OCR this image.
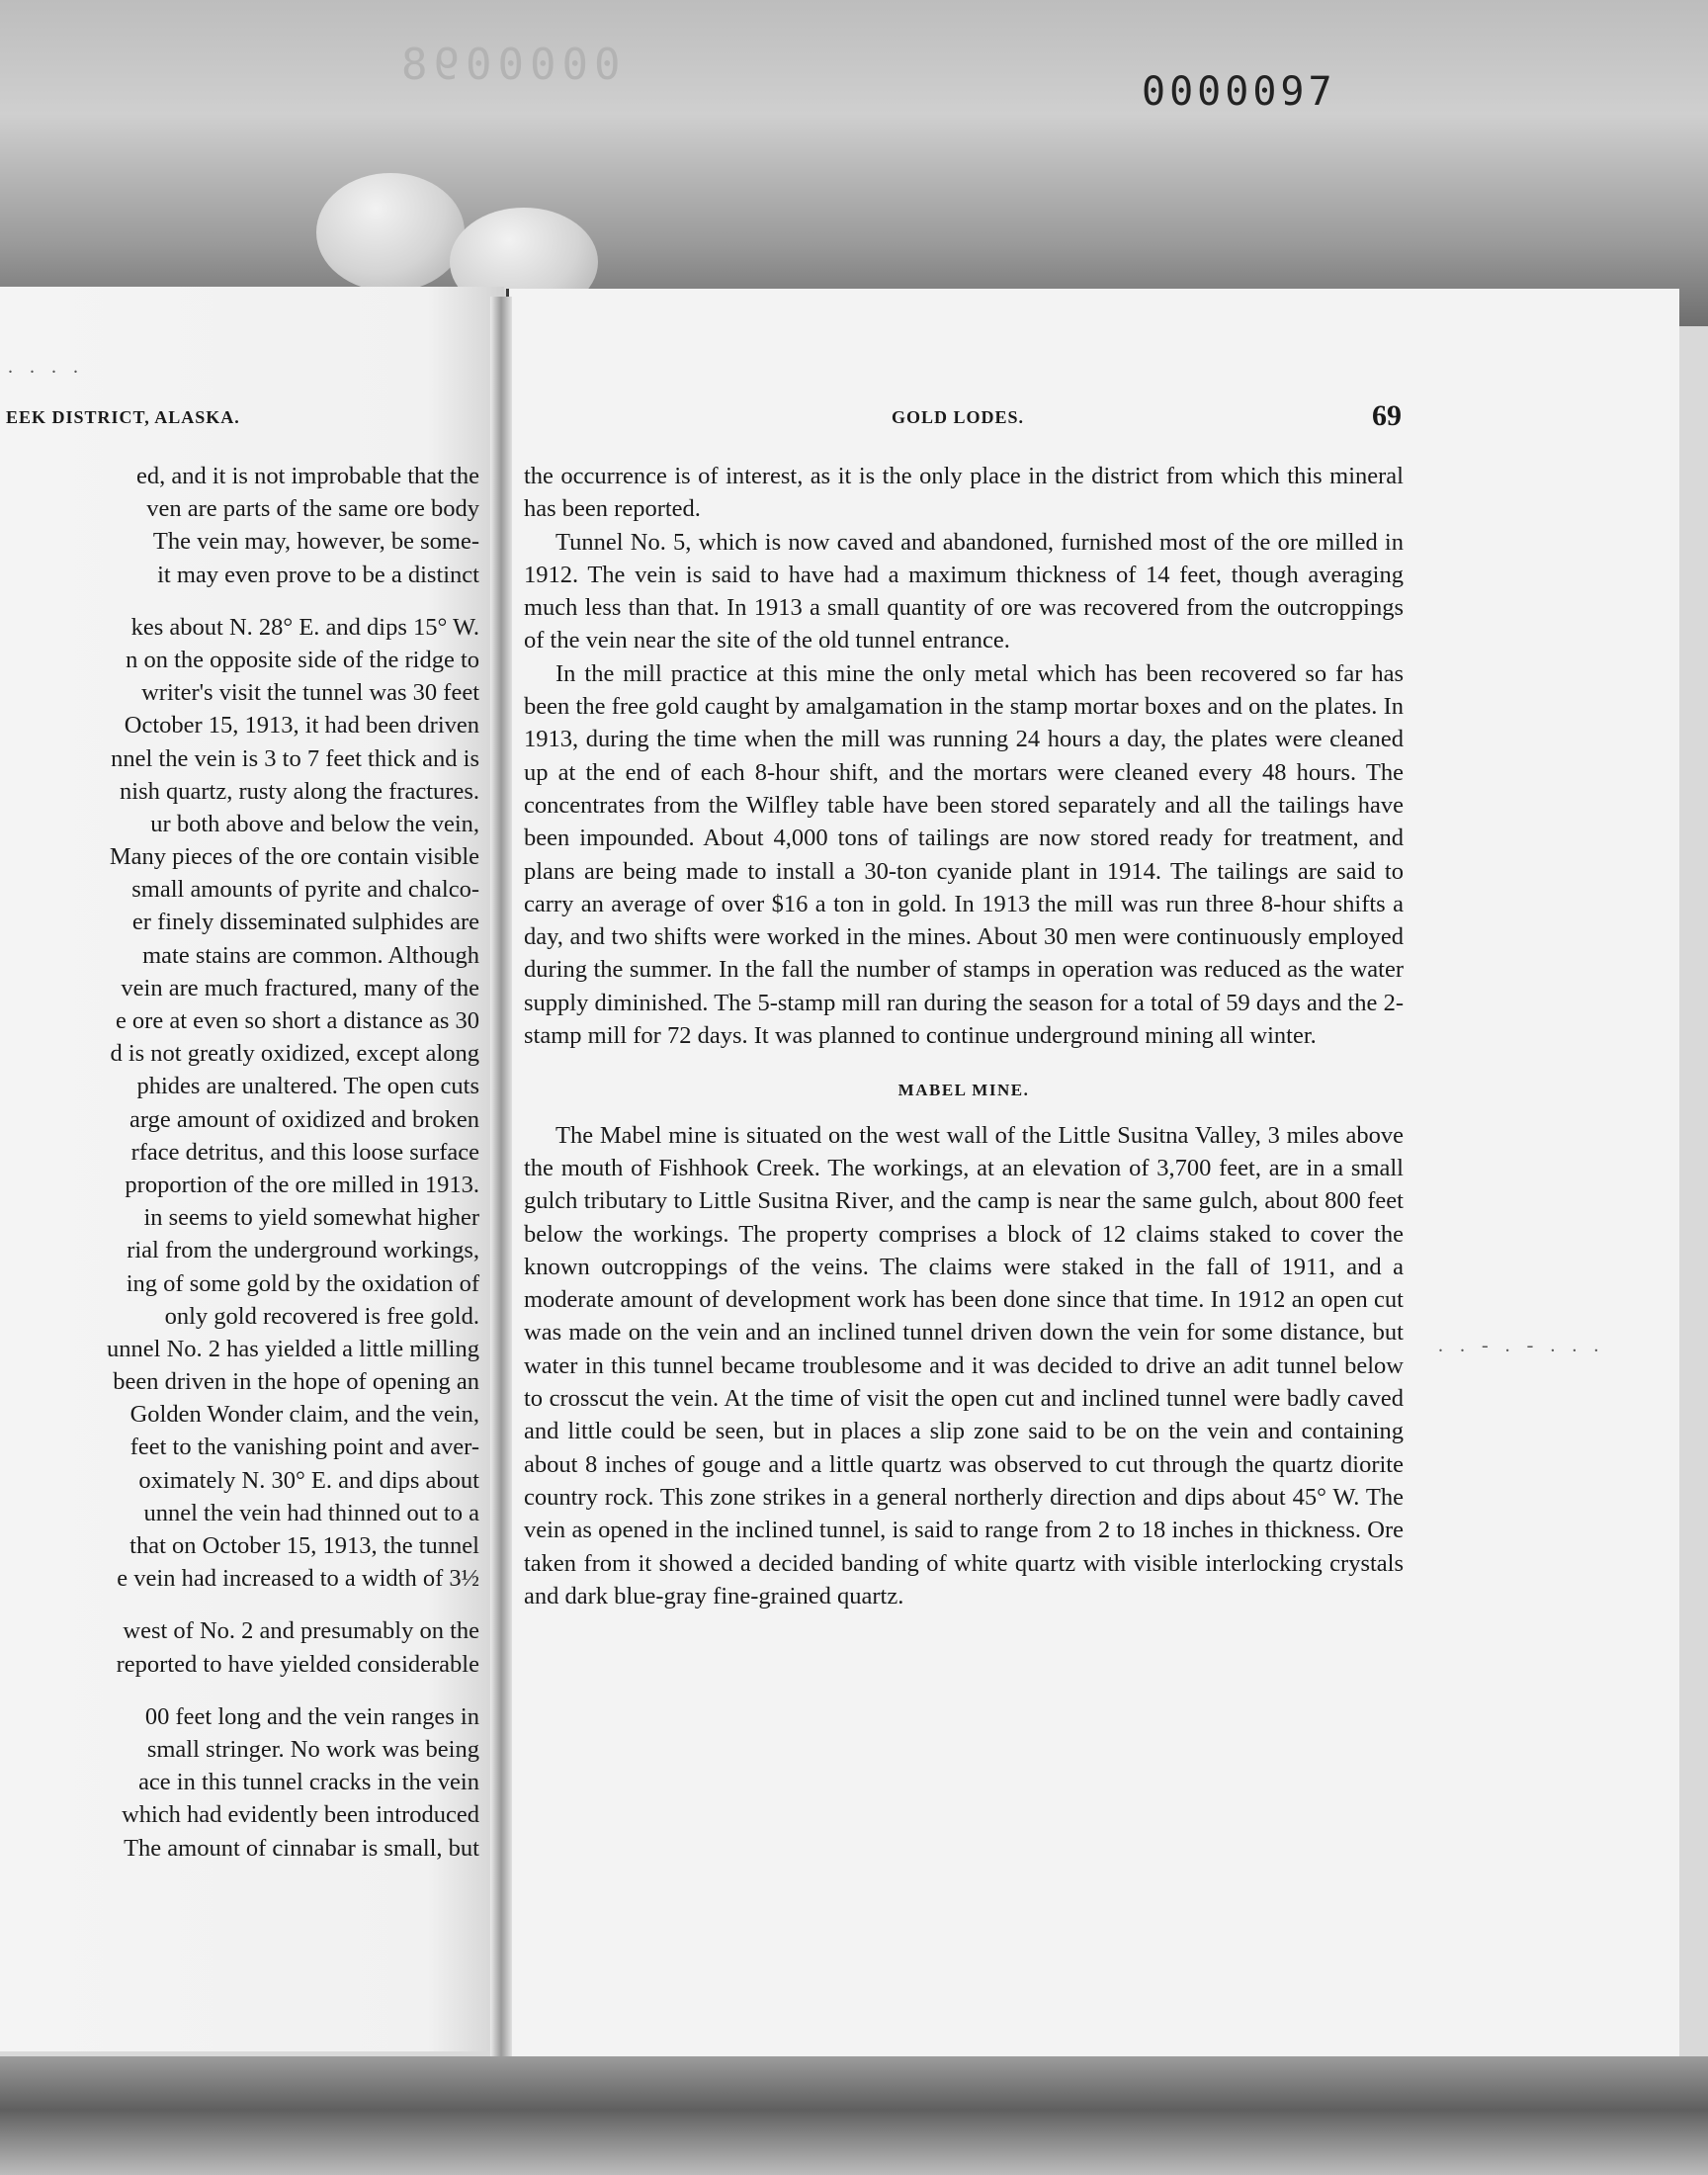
0000098
0000097
EEK DISTRICT, ALASKA.
ed, and it is not improbable that the
ven are parts of the same ore body
The vein may, however, be some-
it may even prove to be a distinct
kes about N. 28° E. and dips 15° W.
n on the opposite side of the ridge to
writer's visit the tunnel was 30 feet
October 15, 1913, it had been driven
nnel the vein is 3 to 7 feet thick and is
nish quartz, rusty along the fractures.
ur both above and below the vein,
Many pieces of the ore contain visible
small amounts of pyrite and chalco-
er finely disseminated sulphides are
mate stains are common. Although
vein are much fractured, many of the
e ore at even so short a distance as 30
d is not greatly oxidized, except along
phides are unaltered. The open cuts
arge amount of oxidized and broken
rface detritus, and this loose surface
proportion of the ore milled in 1913.
in seems to yield somewhat higher
rial from the underground workings,
ing of some gold by the oxidation of
only gold recovered is free gold.
unnel No. 2 has yielded a little milling
been driven in the hope of opening an
Golden Wonder claim, and the vein,
feet to the vanishing point and aver-
oximately N. 30° E. and dips about
unnel the vein had thinned out to a
that on October 15, 1913, the tunnel
e vein had increased to a width of 3½
west of No. 2 and presumably on the
reported to have yielded considerable
00 feet long and the vein ranges in
small stringer. No work was being
ace in this tunnel cracks in the vein
which had evidently been introduced
The amount of cinnabar is small, but
GOLD LODES.	69

the occurrence is of interest, as it is the only place in the district from which this mineral has been reported.

Tunnel No. 5, which is now caved and abandoned, furnished most of the ore milled in 1912. The vein is said to have had a maximum thickness of 14 feet, though averaging much less than that. In 1913 a small quantity of ore was recovered from the outcroppings of the vein near the site of the old tunnel entrance.

In the mill practice at this mine the only metal which has been recovered so far has been the free gold caught by amalgamation in the stamp mortar boxes and on the plates. In 1913, during the time when the mill was running 24 hours a day, the plates were cleaned up at the end of each 8-hour shift, and the mortars were cleaned every 48 hours. The concentrates from the Wilfley table have been stored separately and all the tailings have been impounded. About 4,000 tons of tailings are now stored ready for treatment, and plans are being made to install a 30-ton cyanide plant in 1914. The tailings are said to carry an average of over $16 a ton in gold. In 1913 the mill was run three 8-hour shifts a day, and two shifts were worked in the mines. About 30 men were continuously employed during the summer. In the fall the number of stamps in operation was reduced as the water supply diminished. The 5-stamp mill ran during the season for a total of 59 days and the 2-stamp mill for 72 days. It was planned to continue underground mining all winter.

MABEL MINE.

The Mabel mine is situated on the west wall of the Little Susitna Valley, 3 miles above the mouth of Fishhook Creek. The workings, at an elevation of 3,700 feet, are in a small gulch tributary to Little Susitna River, and the camp is near the same gulch, about 800 feet below the workings. The property comprises a block of 12 claims staked to cover the known outcroppings of the veins. The claims were staked in the fall of 1911, and a moderate amount of development work has been done since that time. In 1912 an open cut was made on the vein and an inclined tunnel driven down the vein for some distance, but water in this tunnel became troublesome and it was decided to drive an adit tunnel below to crosscut the vein. At the time of visit the open cut and inclined tunnel were badly caved and little could be seen, but in places a slip zone said to be on the vein and containing about 8 inches of gouge and a little quartz was observed to cut through the quartz diorite country rock. This zone strikes in a general northerly direction and dips about 45° W. The vein as opened in the inclined tunnel, is said to range from 2 to 18 inches in thickness. Ore taken from it showed a decided banding of white quartz with visible interlocking crystals and dark blue-gray fine-grained quartz.

. . - . - . . .
. . . .
